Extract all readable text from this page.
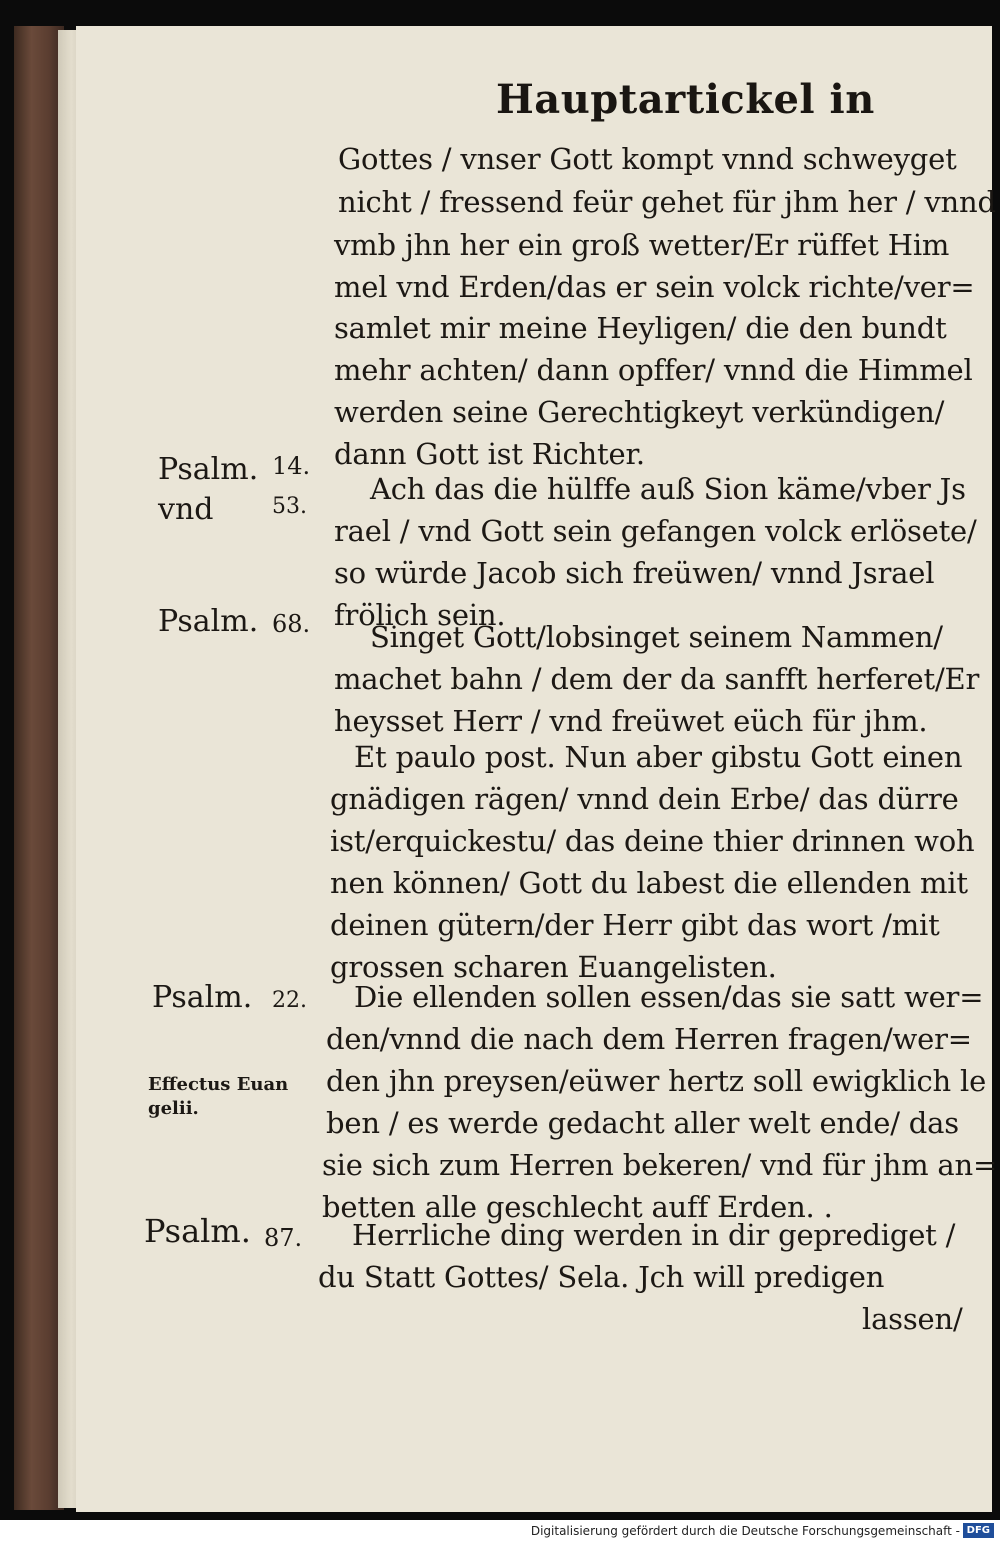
Hauptartickel in
Gottes / vnser Gott kompt vnnd schweyget
nicht / fressend feür gehet für jhm her / vnnd
vmb jhn her ein groß wetter/Er rüffet Him
mel vnd Erden/das er sein volck richte/ver=
samlet mir meine Heyligen/ die den bundt
mehr achten/ dann opffer/ vnnd die Himmel
werden seine Gerechtigkeyt verkündigen/
dann Gott ist Richter.
Ach das die hülffe auß Sion käme/vber Js
rael / vnd Gott sein gefangen volck erlösete/
so würde Jacob sich freüwen/ vnnd Jsrael
frölich sein.
Singet Gott/lobsinget seinem Nammen/
machet bahn / dem der da sanfft herferet/Er
heysset Herr / vnd freüwet eüch für jhm.
Et paulo post. Nun aber gibstu Gott einen
gnädigen rägen/ vnnd dein Erbe/ das dürre
ist/erquickestu/ das deine thier drinnen woh
nen können/ Gott du labest die ellenden mit
deinen gütern/der Herr gibt das wort /mit
grossen scharen Euangelisten.
Die ellenden sollen essen/das sie satt wer=
den/vnnd die nach dem Herren fragen/wer=
den jhn preysen/eüwer hertz soll ewigklich le
ben / es werde gedacht aller welt ende/ das
sie sich zum Herren bekeren/ vnd für jhm an=
betten alle geschlecht auff Erden. .
Herrliche ding werden in dir geprediget /
du Statt Gottes/ Sela. Jch will predigen
lassen/
Psalm. 14.
vnd	53.
Psalm. 68.
Psalm. 22.
Effectus Euan
gelii.
Psalm. 87.
Digitalisierung gefördert durch die Deutsche Forschungsgemeinschaft - DFG
